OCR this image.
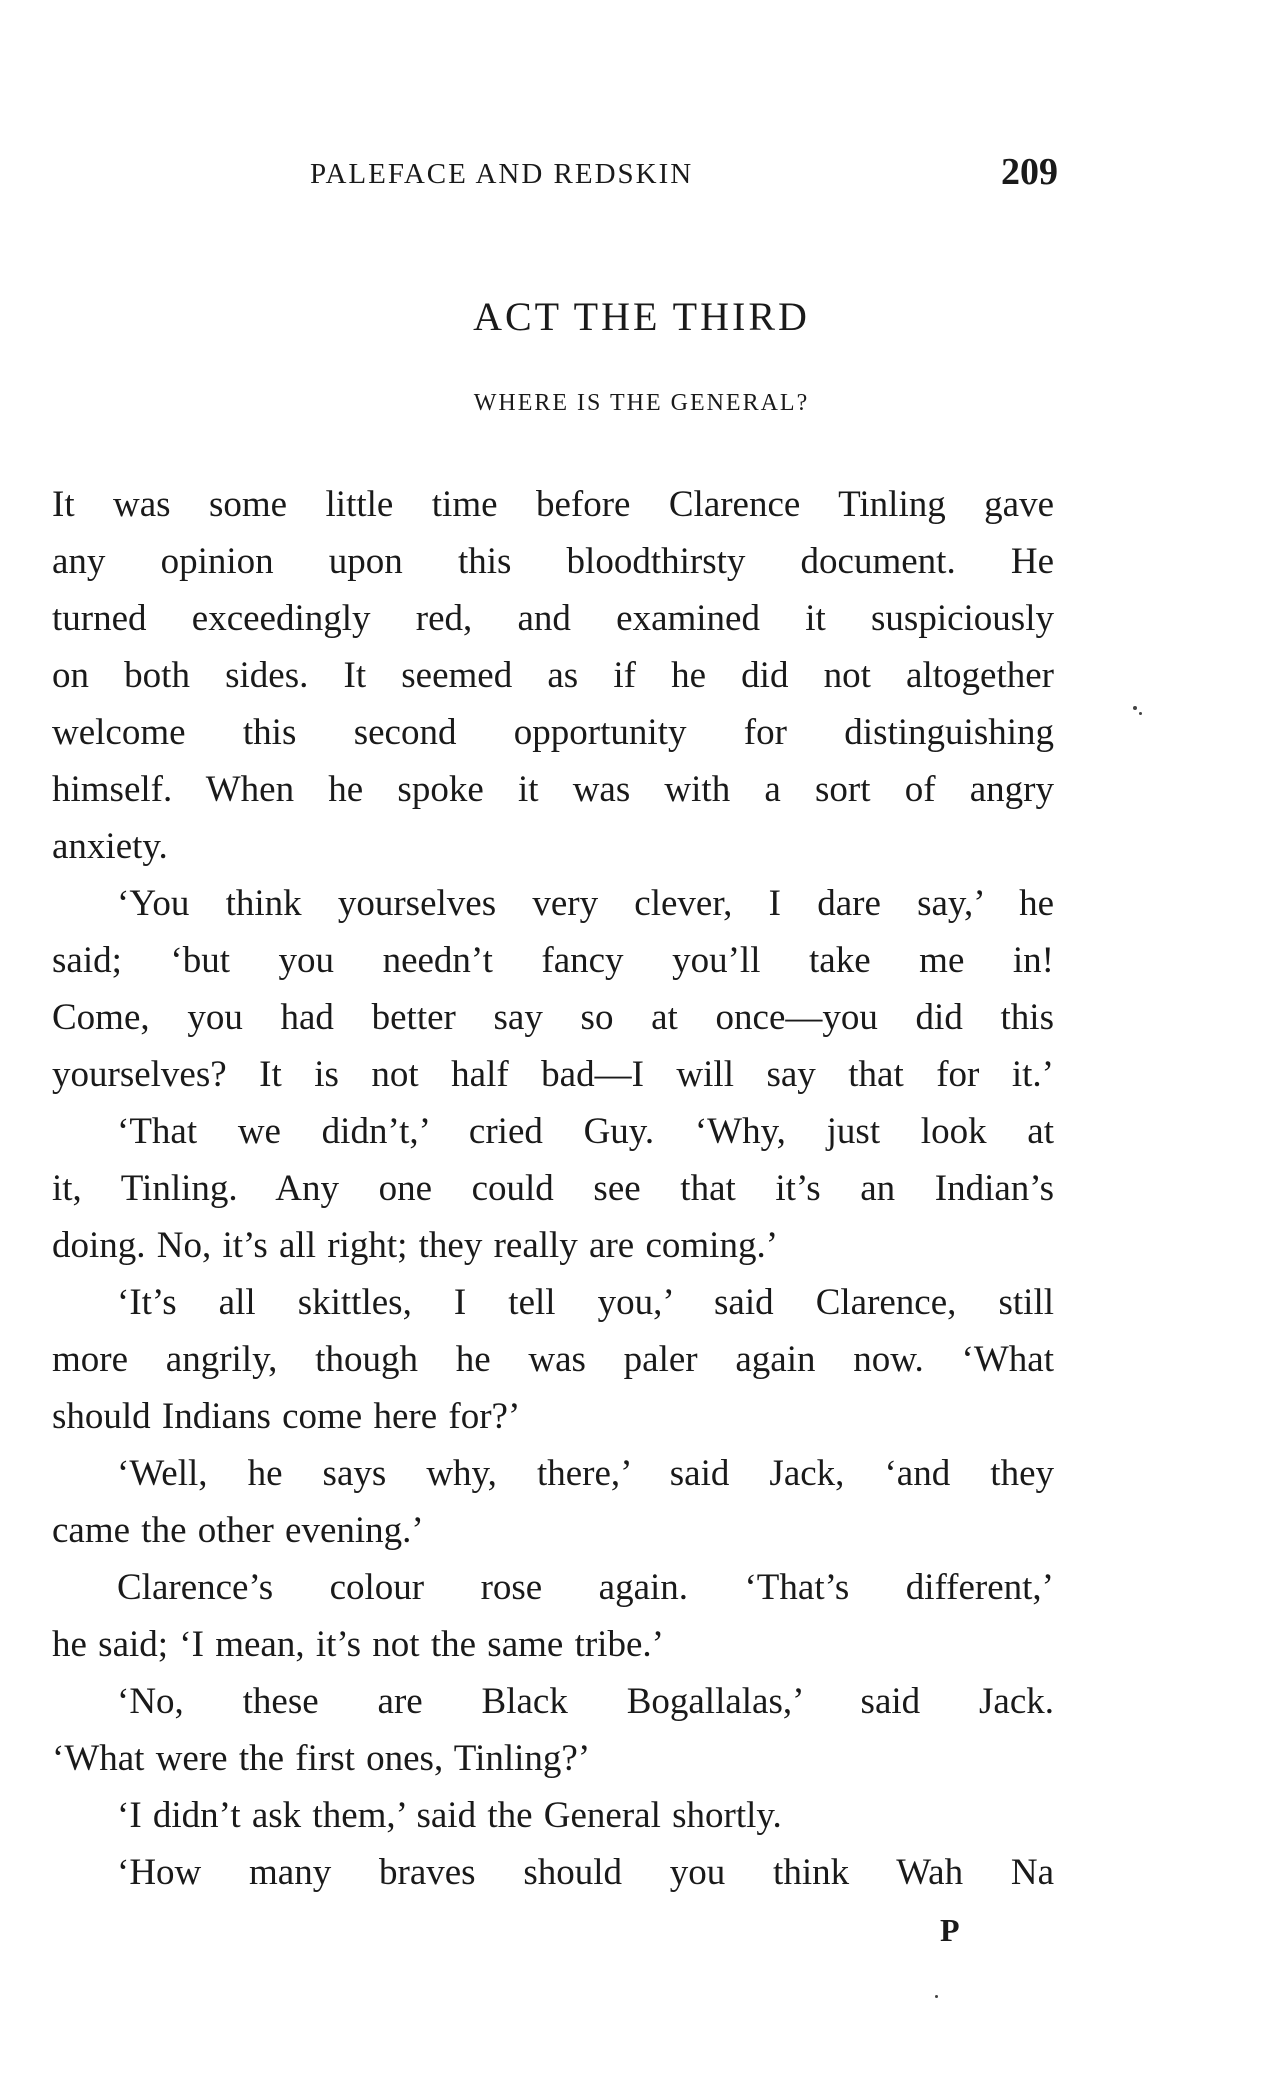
PALEFACE AND REDSKIN	209
ACT THE THIRD
WHERE IS THE GENERAL?
It was some little time before Clarence Tinling gave
any opinion upon this bloodthirsty document. He
turned exceedingly red, and examined it suspiciously
on both sides. It seemed as if he did not altogether
welcome this second opportunity for distinguishing
himself. When he spoke it was with a sort of angry
anxiety.
‘You think yourselves very clever, I dare say,’ he
said; ‘but you needn’t fancy you’ll take me in!
Come, you had better say so at once—you did this
yourselves? It is not half bad—I will say that for it.’
‘That we didn’t,’ cried Guy. ‘Why, just look at
it, Tinling. Any one could see that it’s an Indian’s
doing. No, it’s all right; they really are coming.’
‘It’s all skittles, I tell you,’ said Clarence, still
more angrily, though he was paler again now. ‘What
should Indians come here for?’
‘Well, he says why, there,’ said Jack, ‘and they
came the other evening.’
Clarence’s colour rose again. ‘That’s different,’
he said; ‘I mean, it’s not the same tribe.’
‘No, these are Black Bogallalas,’ said Jack.
‘What were the first ones, Tinling?’
‘I didn’t ask them,’ said the General shortly.
‘How many braves should you think Wah Na
P
